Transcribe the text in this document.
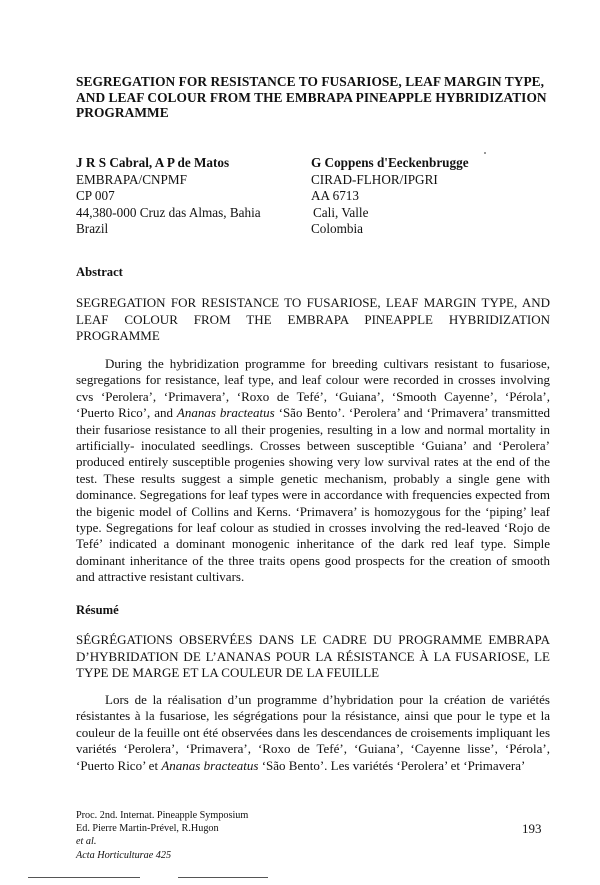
SEGREGATION FOR RESISTANCE TO FUSARIOSE, LEAF MARGIN TYPE, AND LEAF COLOUR FROM THE EMBRAPA PINEAPPLE HYBRIDIZATION PROGRAMME
J R S Cabral, A P de Matos
EMBRAPA/CNPMF
CP 007
44,380-000 Cruz das Almas, Bahia
Brazil
G Coppens d'Eeckenbrugge
CIRAD-FLHOR/IPGRI
AA 6713
Cali, Valle
Colombia
Abstract
SEGREGATION FOR RESISTANCE TO FUSARIOSE, LEAF MARGIN TYPE, AND
LEAF COLOUR FROM THE EMBRAPA PINEAPPLE HYBRIDIZATION
PROGRAMME

During the hybridization programme for breeding cultivars resistant to fusariose, segregations for resistance, leaf type, and leaf colour were recorded in crosses involving cvs ‘Perolera’, ‘Primavera’, ‘Roxo de Tefé’, ‘Guiana’, ‘Smooth Cayenne’, ‘Pérola’, ‘Puerto Rico’, and Ananas bracteatus ‘São Bento’. ‘Perolera’ and ‘Primavera’ transmitted their fusariose resistance to all their progenies, resulting in a low and normal mortality in artificially- inoculated seedlings. Crosses between susceptible ‘Guiana’ and ‘Perolera’ produced entirely susceptible progenies showing very low survival rates at the end of the test. These results suggest a simple genetic mechanism, probably a single gene with dominance. Segregations for leaf types were in accordance with frequencies expected from the bigenic model of Collins and Kerns. ‘Primavera’ is homozygous for the ‘piping’ leaf type. Segregations for leaf colour as studied in crosses involving the red-leaved ‘Rojo de Tefé’ indicated a dominant monogenic inheritance of the dark red leaf type. Simple dominant inheritance of the three traits opens good prospects for the creation of smooth and attractive resistant cultivars.

Résumé
SÉGRÉGATIONS OBSERVÉES DANS LE CADRE DU PROGRAMME EMBRAPA
D’HYBRIDATION DE L’ANANAS POUR LA RÉSISTANCE À LA FUSARIOSE, LE
TYPE DE MARGE ET LA COULEUR DE LA FEUILLE

Lors de la réalisation d’un programme d’hybridation pour la création de variétés résistantes à la fusariose, les ségrégations pour la résistance, ainsi que pour le type et la couleur de la feuille ont été observées dans les descendances de croisements impliquant les variétés ‘Perolera’, ‘Primavera’, ‘Roxo de Tefé’, ‘Guiana’, ‘Cayenne lisse’, ‘Pérola’, ‘Puerto Rico’ et Ananas bracteatus ‘São Bento’. Les variétés ‘Perolera’ et ‘Primavera’

Proc. 2nd. Internat. Pineapple Symposium
Ed. Pierre Martin-Prével, R.Hugon
et al.
Acta Horticulturae 425
193
